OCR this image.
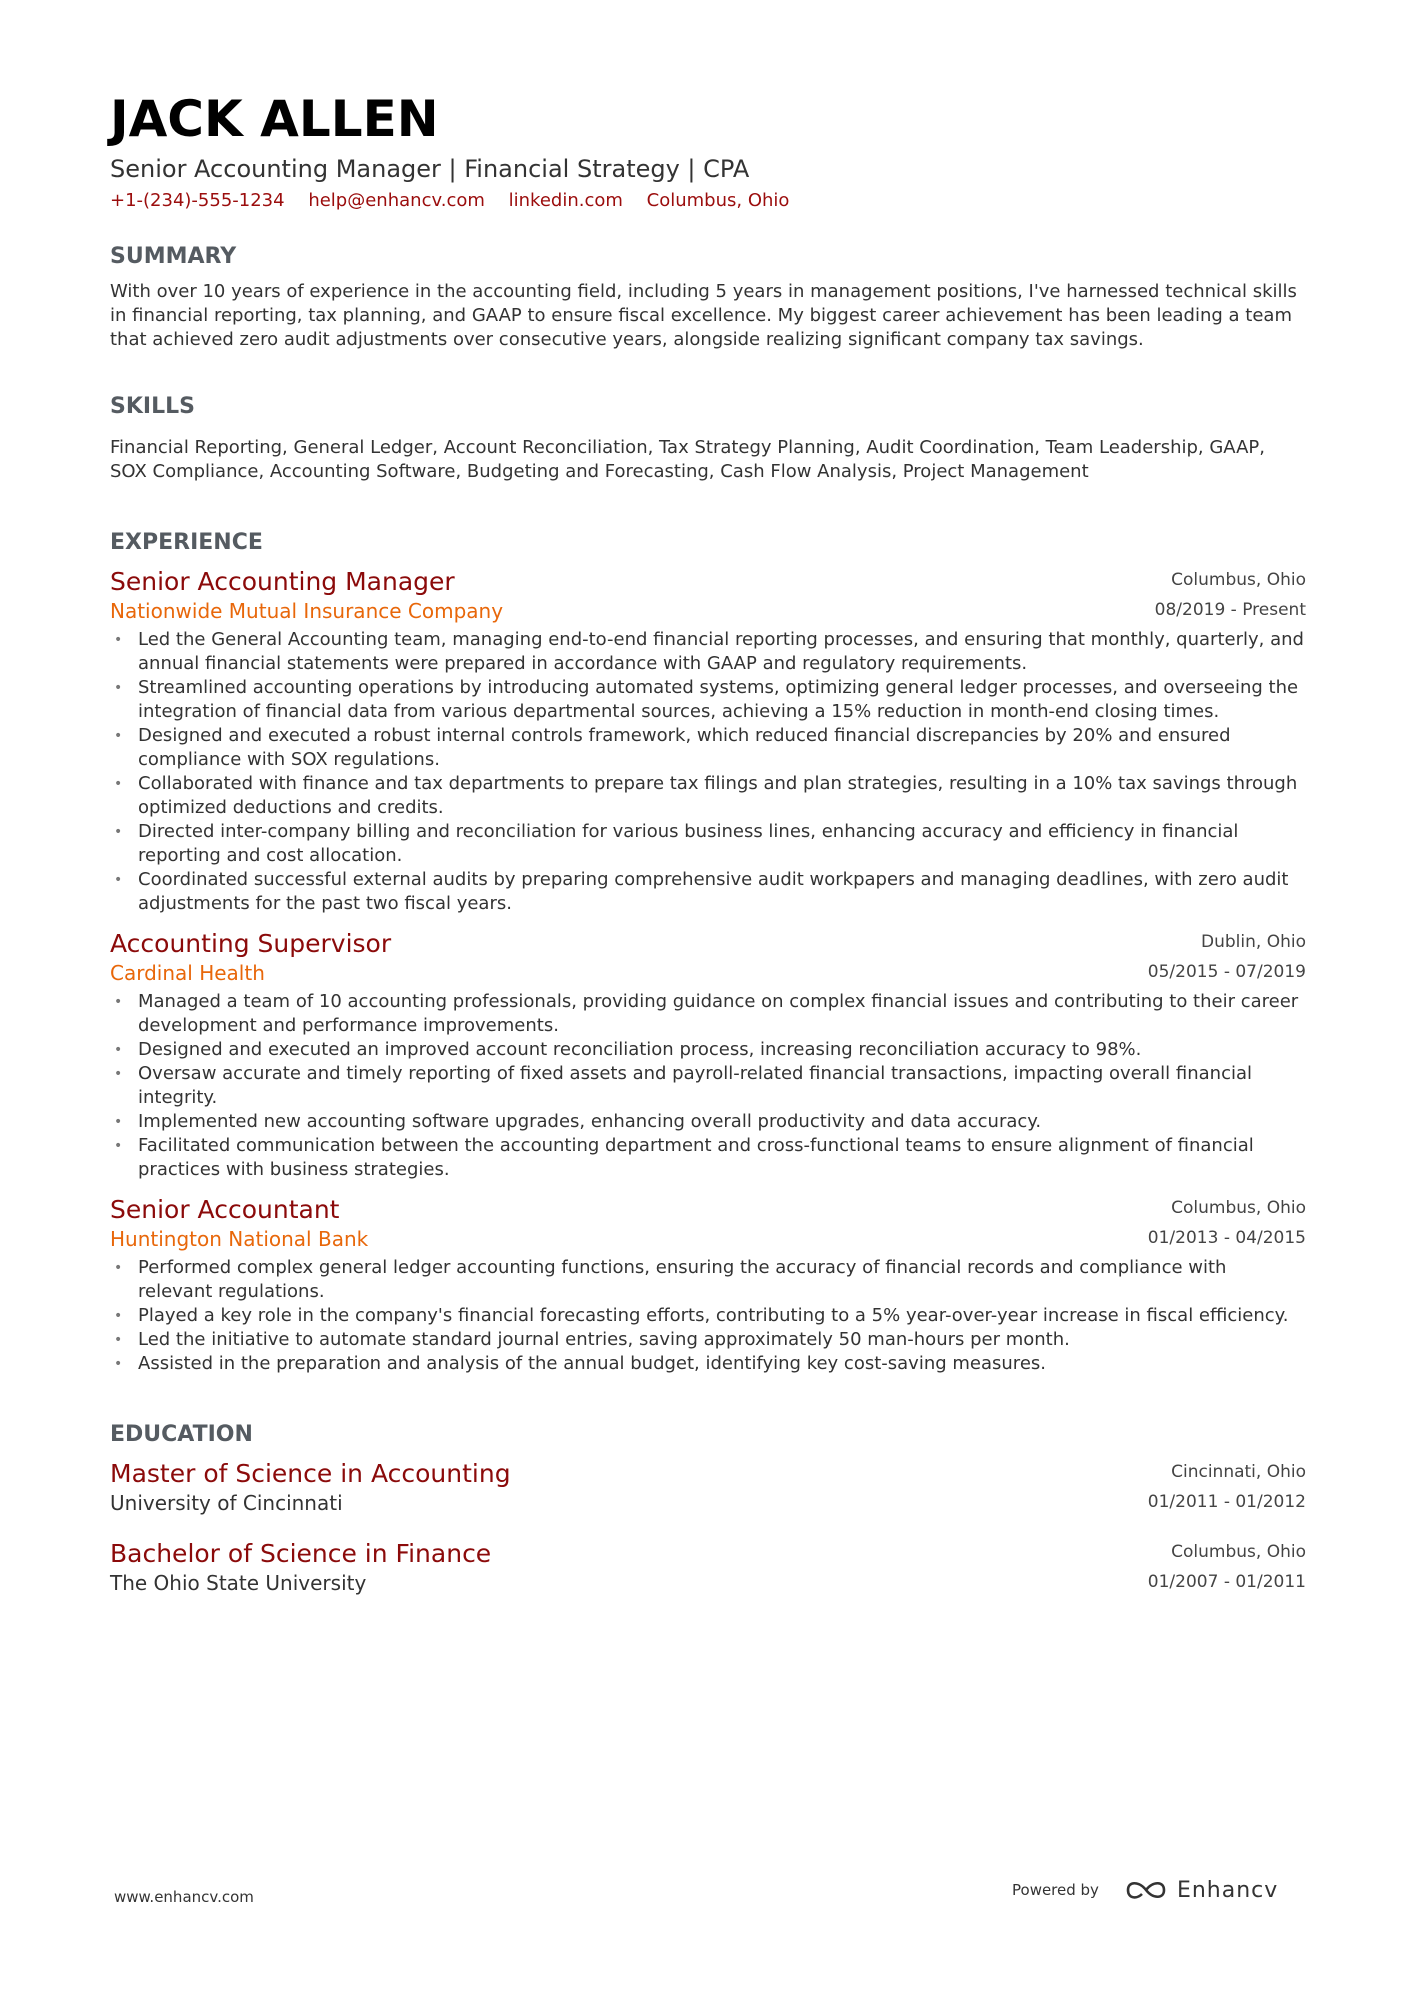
JACK ALLEN
Senior Accounting Manager | Financial Strategy | CPA
+1-(234)-555-1234 help@enhancv.com linkedin.com Columbus, Ohio
SUMMARY
With over 10 years of experience in the accounting field, including 5 years in management positions, I've harnessed technical skills in financial reporting, tax planning, and GAAP to ensure fiscal excellence. My biggest career achievement has been leading a team that achieved zero audit adjustments over consecutive years, alongside realizing significant company tax savings.
SKILLS
Financial Reporting, General Ledger, Account Reconciliation, Tax Strategy Planning, Audit Coordination, Team Leadership, GAAP, SOX Compliance, Accounting Software, Budgeting and Forecasting, Cash Flow Analysis, Project Management
EXPERIENCE
Senior Accounting Manager
Nationwide Mutual Insurance Company
Columbus, Ohio
08/2019 - Present
• Led the General Accounting team, managing end-to-end financial reporting processes, and ensuring that monthly, quarterly, and annual financial statements were prepared in accordance with GAAP and regulatory requirements.
• Streamlined accounting operations by introducing automated systems, optimizing general ledger processes, and overseeing the integration of financial data from various departmental sources, achieving a 15% reduction in month-end closing times.
• Designed and executed a robust internal controls framework, which reduced financial discrepancies by 20% and ensured compliance with SOX regulations.
• Collaborated with finance and tax departments to prepare tax filings and plan strategies, resulting in a 10% tax savings through optimized deductions and credits.
• Directed inter-company billing and reconciliation for various business lines, enhancing accuracy and efficiency in financial reporting and cost allocation.
• Coordinated successful external audits by preparing comprehensive audit workpapers and managing deadlines, with zero audit adjustments for the past two fiscal years.
Accounting Supervisor
Cardinal Health
Dublin, Ohio
05/2015 - 07/2019
• Managed a team of 10 accounting professionals, providing guidance on complex financial issues and contributing to their career development and performance improvements.
• Designed and executed an improved account reconciliation process, increasing reconciliation accuracy to 98%.
• Oversaw accurate and timely reporting of fixed assets and payroll-related financial transactions, impacting overall financial integrity.
• Implemented new accounting software upgrades, enhancing overall productivity and data accuracy.
• Facilitated communication between the accounting department and cross-functional teams to ensure alignment of financial practices with business strategies.
Senior Accountant
Huntington National Bank
Columbus, Ohio
01/2013 - 04/2015
• Performed complex general ledger accounting functions, ensuring the accuracy of financial records and compliance with relevant regulations.
• Played a key role in the company's financial forecasting efforts, contributing to a 5% year-over-year increase in fiscal efficiency.
• Led the initiative to automate standard journal entries, saving approximately 50 man-hours per month.
• Assisted in the preparation and analysis of the annual budget, identifying key cost-saving measures.
EDUCATION
Master of Science in Accounting
University of Cincinnati
Cincinnati, Ohio
01/2011 - 01/2012
Bachelor of Science in Finance
The Ohio State University
Columbus, Ohio
01/2007 - 01/2011
www.enhancv.com	Powered by	Enhancv
